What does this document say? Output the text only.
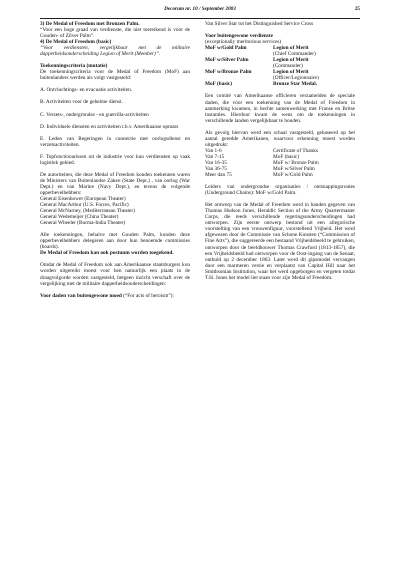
Decorum nr. 10 / September 2003	25

3) De Medal of Freedom met Bronzen Palm.

“Voor een hoge graad van verdienste, die niet toereikend is voor de Gouden- of Zilver Palm”.

4) De Medal of Freedom (basic)

“Voor verdiensten, vergelijkbaar met de militaire dapperheidsonderscheiding Legion of Merit (Member)”.

Toekenningscriteria (mutatie)

De toekenningscriteria voor de Medal of Freedom (MoF) aan buitenlanders werden als volgt vastgesteld:

A. Ontvluchtings- en evacuatie activiteiten.

B. Activiteiten voor de geheime dienst.

C. Verzets-, ondergrondse - en guerrilla-activiteiten

D. Individuele diensten en activiteiten t.b.v. Amerikaanse opmars

E. Leden van Regeringen in connectie met oorlogsdienst en verzetsactiviteiten.

F. Topfunctionarissen uit de industrie voor hun verdiensten op vaak logistiek gebied.

De autoriteiten, die deze Medal of Freedom konden toekennen waren de Ministers van Buitenlandse Zaken (State Dept.) , van oorlog (War Dept.) en van Marine (Navy Dept.), en tevens de volgende opperbevelhebbers:

General Eisenhower (European Theater)

General MacArthur (U.S. Forces, Pacific)

General McNarney, (Mediterranean Theater)

General Wedemeijer (China Theater)

General Wheeler (Burma-India Theater)

Alle toekenningen, behalve met Gouden Palm, konden deze opperbevelhebbers delegeren aan door hun benoemde commissies (boards).

De Medal of Freedom kan ook postuum worden toegekend.

Omdat de Medal of Freedom ook aan Amerikaanse staatsburgers kon worden uitgereikt moest voor hen natuurlijk een plaats in de draagvolgorde worden vastgesteld, hetgeen inzicht verschaft over de vergelijking met de militaire dapperheidsonderscheidingen:

Voor daden van buitengewone moed (“For acts of heroism”):

Van Silver Star tot het Distinguished Service Cross

Voor buitengewone verdienste

(exceptionally meritorious services)

MoF w/Gold Palm	Legion of Merit
	(Chief Commander)
MoF w/Silver Palm	Legion of Merit
	(Commander)
MoF w/Bronze Palm	Legion of Merit
	(Officer/Legionnaire)
MoF (basic)	Bronze Star Medal.

Een comité van Amerikaanse officieren verzamelden de speciale daden, die voor een toekenning van de Medal of Freedom in aanmerking kwamen, in hechte samenwerking met Franse en Britse instanties. Hierdoor kwam de wens om de toekenningen in verschillende landen vergelijkbaar te houden.

Als gevolg hiervan werd een schaal vastgesteld, gebaseerd op het aantal geredde Amerikanen, waarvoor erkenning moest worden uitgedrukt:

Van 1-6	Certificate of Thanks
Van 7-15	MoF (basic)
Van 16-35	MoF w/ Bronze Palm
Van 36-75	MoF w/Silver Palm
Meer dan 75	MoF w/Gold Palm

Leiders van ondergrondse organisaties / ontsnappingsroutes (Underground Chains): MoF w/Gold Palm.

Het ontwerp van de Medal of Freedom werd in handen gegeven van Thomas Hudson Jones, Heraldic Section of the Army Quartermaster Corps, die reeds verschillende regeringsonderscheidingen had ontworpen. Zijn eerste ontwerp bestond uit een allegorische voorstelling van een vrouwenfiguur, voorstellend Vrijheid. Het werd afgewezen door de Commissie van Schone Kunsten (“Commission of Fine Arts”), die suggereerde een bestaand Vrijheidsbeeld te gebruiken, ontworpen door de beeldhouwer Thomas Crawford (1813-1857), die een Vrijheidsbeeld had ontworpen voor de Oost-ingang van de Senaat, onthuld op 2 december 1863. Later werd dit gipsmodel vervangen door een marmeren versie en verplaatst van Capital Hill naar het Smithsonian Institution, waar het werd opgeborgen en vergeten totdat T.H. Jones het model liet staan voor zijn Medal of Freedom.
